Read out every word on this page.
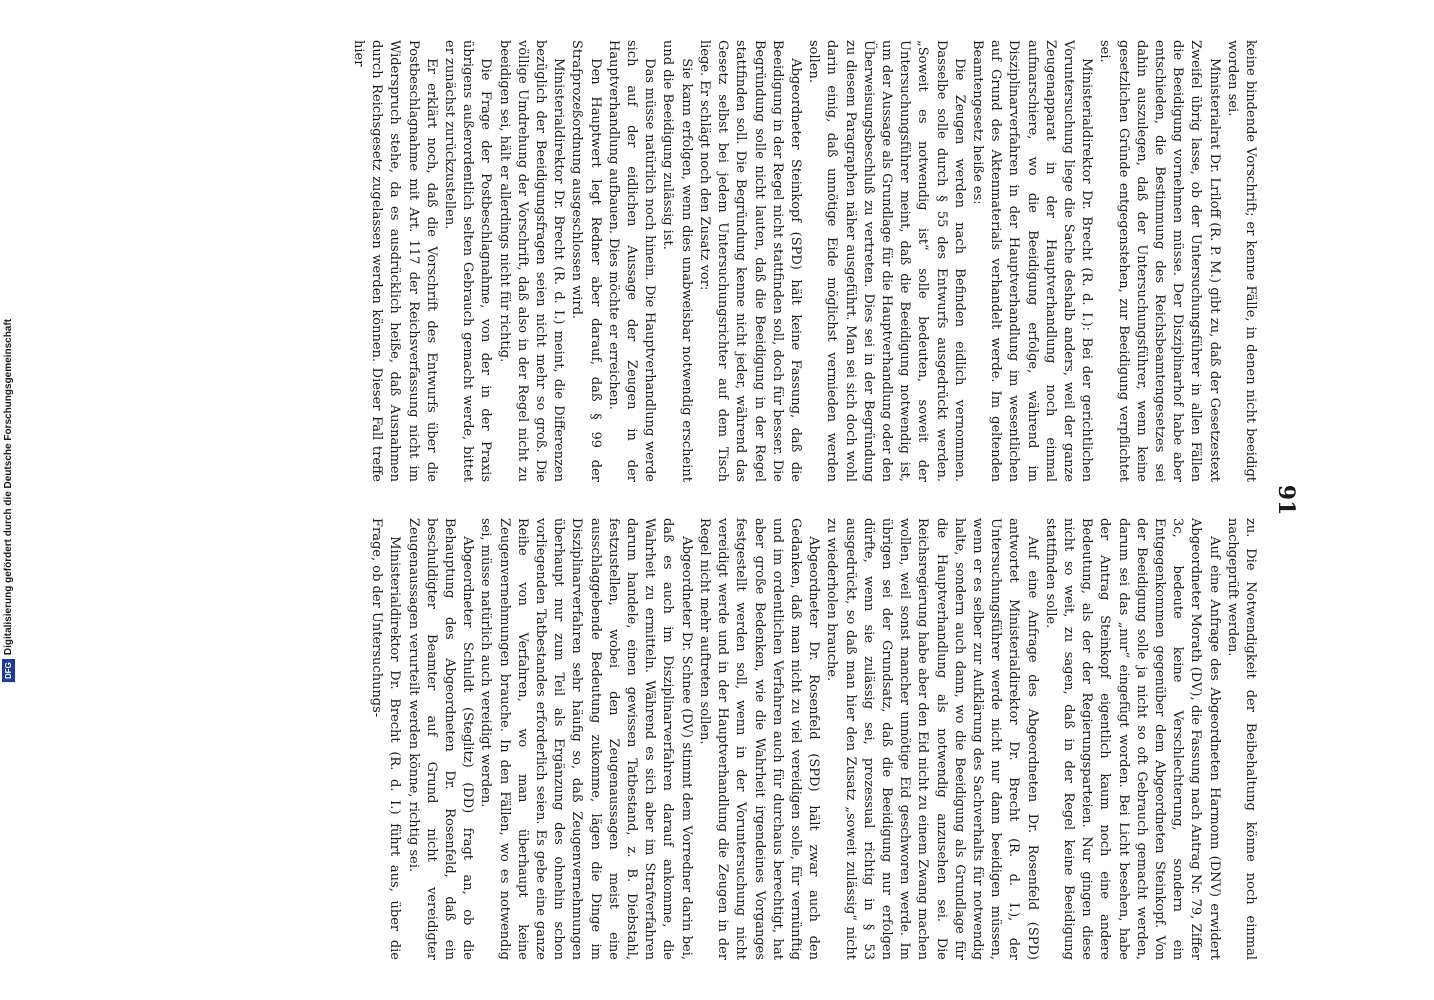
DFG
Digitalisierung gefördert durch die Deutsche Forschungsgemeinschaft	91

keine bindende Vorschrift; er kenne Fälle, in denen nicht beeidigt worden sei.

Ministerialrat Dr. Lriloff (R. P. M.) gibt zu, daß der Gesetzestext Zweifel übrig lasse, ob der Untersuchungsführer in allen Fällen die Beeidigung vornehmen müsse. Der Disziplinarhof habe aber entschieden, die Bestimmung des Reichsbeamtengesetzes sei dahin auszulegen, daß der Untersuchungsführer, wenn keine gesetzlichen Gründe entgegenstehen, zur Beeidigung verpflichtet sei.

Ministerialdirektor Dr. Brecht (R. d. I.): Bei der gerichtlichen Voruntersuchung liege die Sache deshalb anders, weil der ganze Zeugenapparat in der Hauptverhandlung noch einmal aufmarschiere, wo die Beeidigung erfolge, während im Disziplinarverfahren in der Hauptverhandlung im wesentlichen auf Grund des Aktenmaterials verhandelt werde. Im geltenden Beamtengesetz heiße es:

Die Zeugen werden nach Befinden eidlich vernommen. Dasselbe solle durch § 55 des Entwurfs ausgedrückt werden. „Soweit es notwendig ist“ solle bedeuten, soweit der Untersuchungsführer meint, daß die Beeidigung notwendig ist, um der Aussage als Grundlage für die Hauptverhandlung oder den Überweisungsbeschluß zu vertreten. Dies sei in der Begründung zu diesem Paragraphen näher ausgeführt. Man sei sich doch wohl darin einig, daß unnötige Eide möglichst vermieden werden sollen.

Abgeordneter Steinkopf (SPD) hält keine Fassung, daß die Beeidigung in der Regel nicht stattfinden soll, doch für besser. Die Begründung solle nicht lauten, daß die Beeidigung in der Regel stattfinden soll. Die Begründung kenne nicht jeder, während das Gesetz selbst bei jedem Untersuchungsrichter auf dem Tisch liege. Er schlägt noch den Zusatz vor:

Sie kann erfolgen, wenn dies unabweisbar notwendig erscheint und die Beeidigung zulässig ist.

Das müsse natürlich noch hinein. Die Hauptverhandlung werde sich auf der eidlichen Aussage der Zeugen in der Hauptverhandlung aufbauen. Dies möchte er erreichen.

Den Hauptwert legt Redner aber darauf, daß § 99 der Strafprozeßordnung ausgeschlossen wird.

Ministerialdirektor Dr. Brecht (R. d. I.) meint, die Differenzen bezüglich der Beeidigungsfragen seien nicht mehr so groß. Die völlige Umdrehung der Vorschrift, daß also in der Regel nicht zu beeidigen sei, hält er allerdings nicht für richtig.

Die Frage der Postbeschlagnahme, von der in der Praxis übrigens außerordentlich selten Gebrauch gemacht werde, bittet er zunächst zurückzustellen.

Er erklärt noch, daß die Vorschrift des Entwurfs über die Postbeschlagnahme mit Art. 117 der Reichsverfassung nicht im Widerspruch stehe, da es ausdrücklich heiße, daß Ausnahmen durch Reichsgesetz zugelassen werden können. Dieser Fall treffe hier

zu. Die Notwendigkeit der Beibehaltung könne noch einmal nachgeprüft werden.

Auf eine Anfrage des Abgeordneten Harmonn (DNV) erwidert Abgeordneter Morath (DV), die Fassung nach Antrag Nr. 79, Ziffer 3c, bedeute keine Verschlechterung, sondern ein Entgegenkommen gegenüber dem Abgeordneten Steinkopf. Von der Beeidigung solle ja nicht so oft Gebrauch gemacht werden, darum sei das „nur“ eingefügt worden. Bei Licht besehen, habe der Antrag Steinkopf eigentlich kaum noch eine andere Bedeutung, als der der Regierungsparteien. Nur gingen diese nicht so weit, zu sagen, daß in der Regel keine Beeidigung stattfinden solle.

Auf eine Anfrage des Abgeordneten Dr. Rosenfeld (SPD) antwortet Ministerialdirektor Dr. Brecht (R. d. I.), der Untersuchungsführer werde nicht nur dann beeidigen müssen, wenn er es selber zur Aufklärung des Sachverhalts für notwendig halte, sondern auch dann, wo die Beeidigung als Grundlage für die Hauptverhandlung als notwendig anzusehen sei. Die Reichsregierung habe aber den Eid nicht zu einem Zwang machen wollen, weil sonst mancher unnötige Eid geschworen werde. Im übrigen sei der Grundsatz, daß die Beeidigung nur erfolgen dürfte, wenn sie zulässig sei, prozessual richtig in § 53 ausgedrückt, so daß man hier den Zusatz „soweit zulässig“ nicht zu wiederholen brauche.

Abgeordneter Dr. Rosenfeld (SPD) hält zwar auch den Gedanken, daß man nicht zu viel vereidigen solle, für vernünftig und im ordentlichen Verfahren auch für durchaus berechtigt, hat aber große Bedenken, wie die Wahrheit irgendeines Vorganges festgestellt werden soll, wenn in der Voruntersuchung nicht vereidigt werde und in der Hauptverhandlung die Zeugen in der Regel nicht mehr auftreten sollen.

Abgeordneter Dr. Schnee (DV) stimmt dem Vorredner darin bei, daß es auch im Disziplinarverfahren darauf ankomme, die Wahrheit zu ermitteln. Während es sich aber im Strafverfahren darum handele, einen gewissen Tatbestand, z. B. Diebstahl, festzustellen, wobei den Zeugenaussagen meist eine ausschlaggebende Bedeutung zukomme, lägen die Dinge im Disziplinarverfahren sehr häufig so, daß Zeugenvernehmungen überhaupt nur zum Teil als Ergänzung des ohnehin schon vorliegenden Tatbestandes erforderlich seien. Es gebe eine ganze Reihe von Verfahren, wo man überhaupt keine Zeugenvernehmungen brauche. In den Fällen, wo es notwendig sei, müsse natürlich auch vereidigt werden.

Abgeordneter Schuldt (Steglitz) (DD) fragt an, ob die Behauptung des Abgeordneten Dr. Rosenfeld, daß ein beschuldigter Beamter auf Grund nicht vereidigter Zeugenaussagen verurteilt werden könne, richtig sei.

Ministerialdirektor Dr. Brecht (R. d. I.) führt aus, über die Frage, ob der Untersuchungs-
